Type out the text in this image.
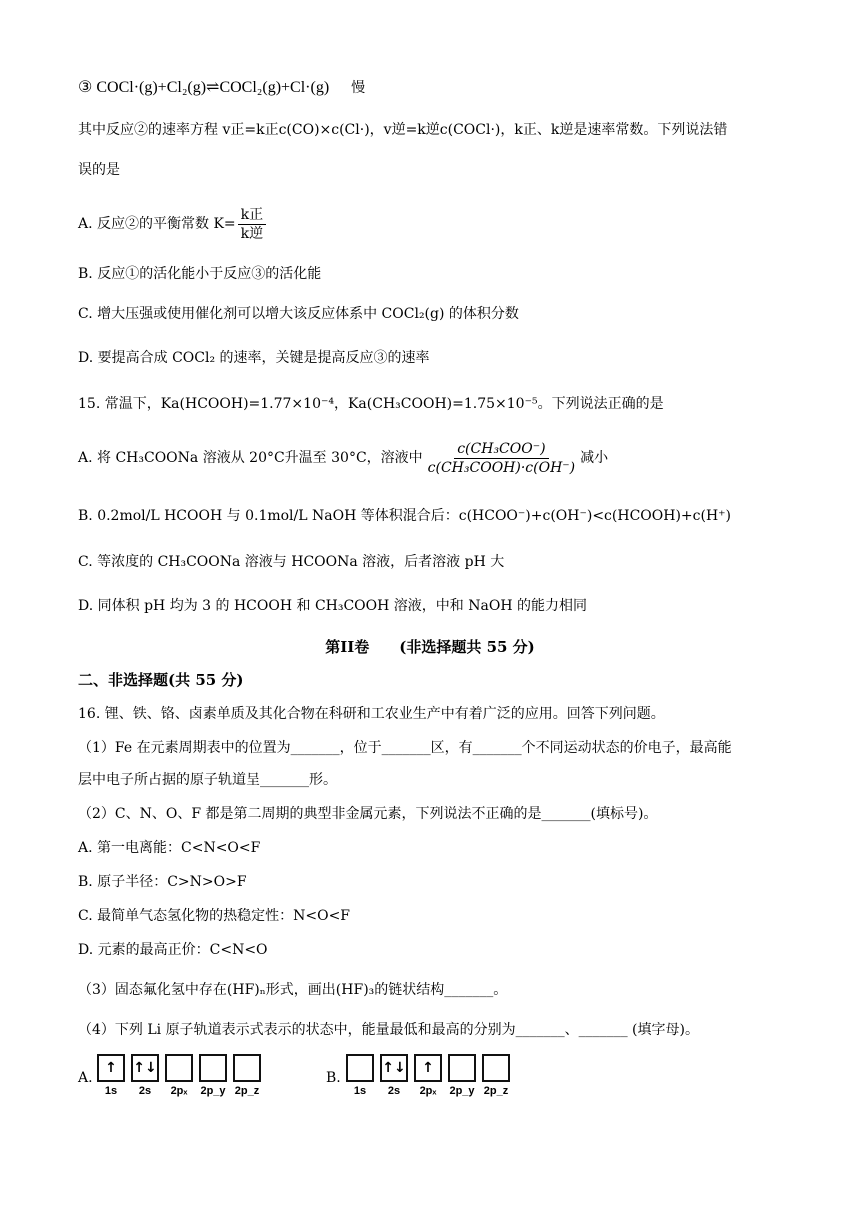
③ COCl·(g)+Cl₂(g)⇌COCl₂(g)+Cl·(g) 慢
其中反应②的速率方程 v正=k正c(CO)×c(Cl·)，v逆=k逆c(COCl·)，k正、k逆是速率常数。下列说法错
误的是
A. 反应②的平衡常数 $K= \frac{\text{k正}}{\text{k逆}}$
B. 反应①的活化能小于反应③的活化能
C. 增大压强或使用催化剂可以增大该反应体系中 COCl₂(g) 的体积分数
D. 要提高合成 COCl₂ 的速率，关键是提高反应③的速率
15. 常温下，Ka(HCOOH)=1.77×10⁻⁴，Ka(CH₃COOH)=1.75×10⁻⁵。下列说法正确的是
A. 将 CH₃COONa 溶液从 20°C升温至 30°C，溶液中 $\frac{\text{c(CH₃COO⁻)}}{\text{c(CH₃COOH)·c(OH⁻)}}$ 减小
B. 0.2mol/L HCOOH 与 0.1mol/L NaOH 等体积混合后：c(HCOO⁻)+c(OH⁻)<c(HCOOH)+c(H⁺)
C. 等浓度的 CH₃COONa 溶液与 HCOONa 溶液，后者溶液 pH 大
D. 同体积 pH 均为 3 的 HCOOH 和 CH₃COOH 溶液，中和 NaOH 的能力相同
第II卷　　(非选择题共 55 分)
二、非选择题(共 55 分)
16. 锂、铁、铬、卤素单质及其化合物在科研和工农业生产中有着广泛的应用。回答下列问题。
（1）Fe 在元素周期表中的位置为_______，位于_______区，有_______个不同运动状态的价电子，最高能
层中电子所占据的原子轨道呈_______形。
（2）C、N、O、F 都是第二周期的典型非金属元素，下列说法不正确的是_______(填标号)。
A. 第一电离能：C<N<O<F
B. 原子半径：C>N>O>F
C. 最简单气态氢化物的热稳定性：N<O<F
D. 元素的最高正价：C<N<O
（3）固态氟化氢中存在(HF)ₙ形式，画出(HF)₃的链状结构_______。
（4）下列 Li 原子轨道表示式表示的状态中，能量最低和最高的分别为_______、_______ (填字母)。
A.
↑
1s
↑↓
2s 2pₓ 2p_y 2p_z
B.
1s
↑↓
2s
↑
2pₓ 2p_y 2p_z
